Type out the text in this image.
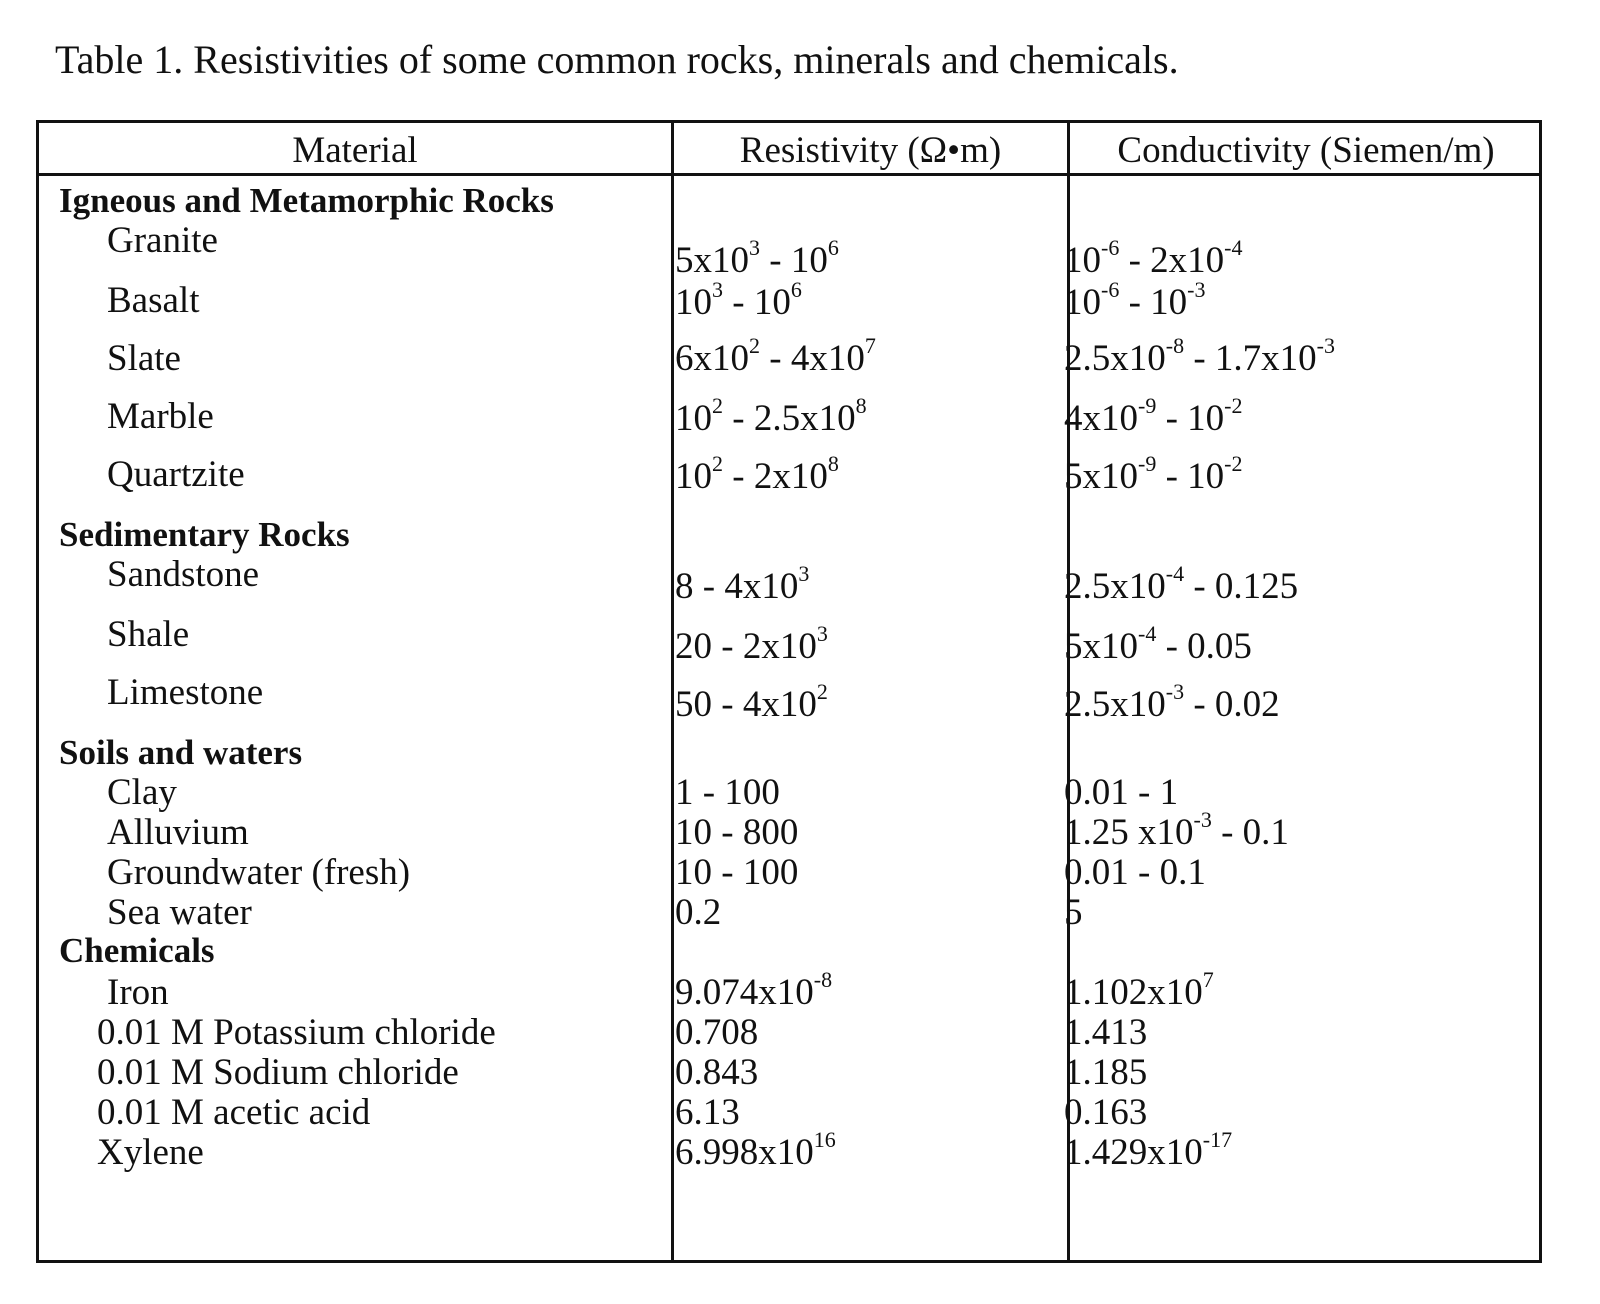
Table 1. Resistivities of some common rocks, minerals and chemicals.
Material	Resistivity (Ω•m)	Conductivity (Siemen/m)
Igneous and Metamorphic Rocks
Granite	$5x10^3 - 10^6$	$10^{-6} - 2x10^{-4}$
Basalt	$10^3 - 10^6$	$10^{-6} - 10^{-3}$
Slate	$6x10^2 - 4x10^7$	$2.5x10^{-8} - 1.7x10^{-3}$
Marble	$10^2 - 2.5x10^8$	$4x10^{-9} - 10^{-2}$
Quartzite	$10^2 - 2x10^8$	$5x10^{-9} - 10^{-2}$
Sedimentary Rocks
Sandstone	$8 - 4x10^3$	$2.5x10^{-4} - 0.125$
Shale	$20 - 2x10^3$	$5x10^{-4} - 0.05$
Limestone	$50 - 4x10^2$	$2.5x10^{-3} - 0.02$
Soils and waters
Clay	1 - 100	0.01 - 1
Alluvium	10 - 800	1.25 $x10^{-3} - 0.1$
Groundwater (fresh)	10 - 100	0.01 - 0.1
Sea water	0.2	5
Chemicals
Iron	$9.074x10^{-8}$	$1.102x10^7$
0.01 M Potassium chloride	0.708	1.413
0.01 M Sodium chloride	0.843	1.185
0.01 M acetic acid	6.13	0.163
Xylene	$6.998x10^{16}$	$1.429x10^{-17}$
